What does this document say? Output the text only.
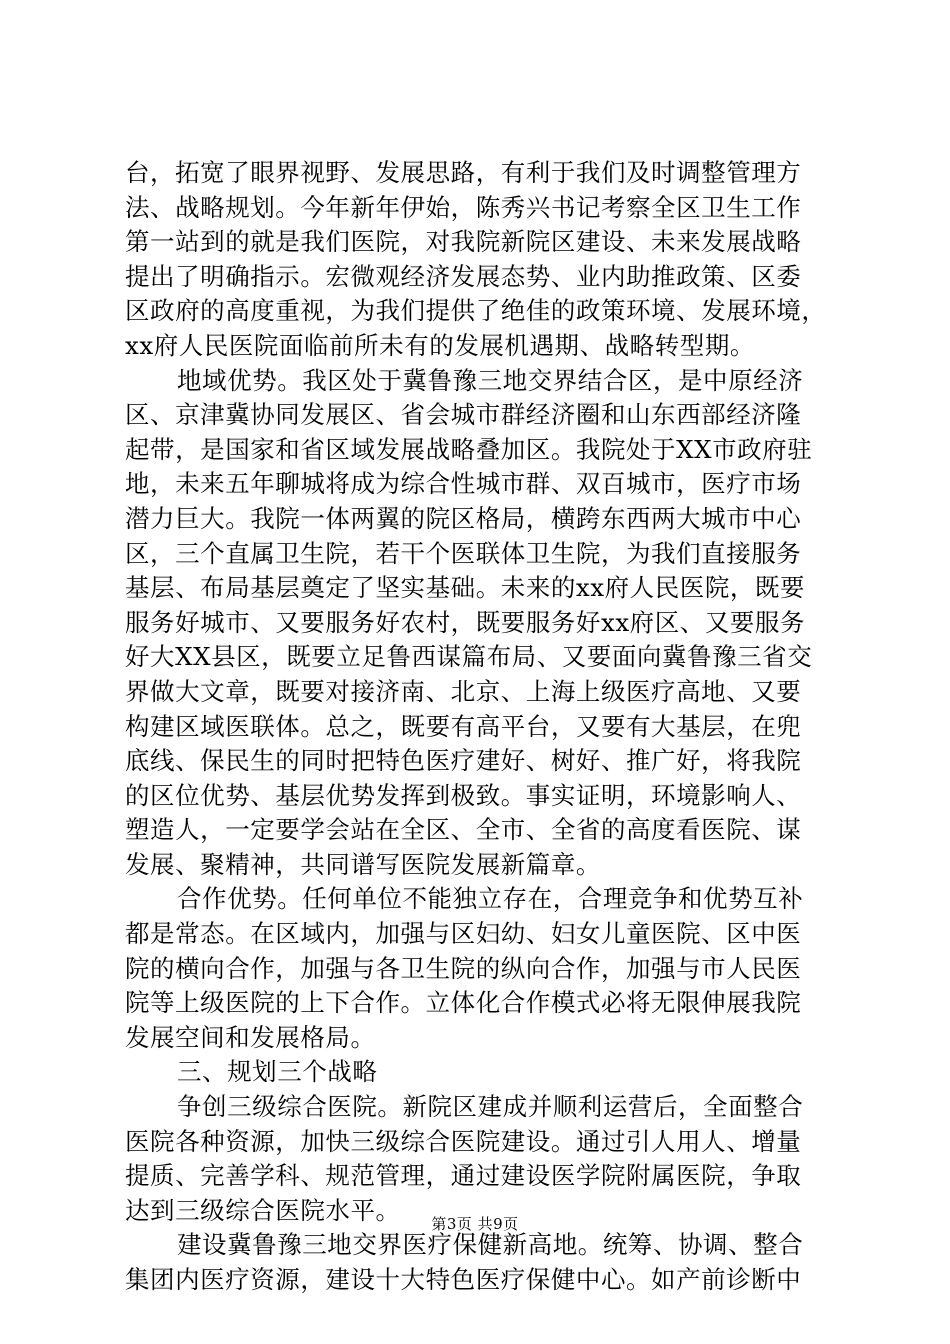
台，拓宽了眼界视野、发展思路，有利于我们及时调整管理方
法、战略规划。今年新年伊始，陈秀兴书记考察全区卫生工作
第一站到的就是我们医院，对我院新院区建设、未来发展战略
提出了明确指示。宏微观经济发展态势、业内助推政策、区委
区政府的高度重视，为我们提供了绝佳的政策环境、发展环境，
xx府人民医院面临前所未有的发展机遇期、战略转型期。
地域优势。我区处于冀鲁豫三地交界结合区，是中原经济
区、京津冀协同发展区、省会城市群经济圈和山东西部经济隆
起带，是国家和省区域发展战略叠加区。我院处于XX市政府驻
地，未来五年聊城将成为综合性城市群、双百城市，医疗市场
潜力巨大。我院一体两翼的院区格局，横跨东西两大城市中心
区，三个直属卫生院，若干个医联体卫生院，为我们直接服务
基层、布局基层奠定了坚实基础。未来的xx府人民医院，既要
服务好城市、又要服务好农村，既要服务好xx府区、又要服务
好大XX县区，既要立足鲁西谋篇布局、又要面向冀鲁豫三省交
界做大文章，既要对接济南、北京、上海上级医疗高地、又要
构建区域医联体。总之，既要有高平台，又要有大基层，在兜
底线、保民生的同时把特色医疗建好、树好、推广好，将我院
的区位优势、基层优势发挥到极致。事实证明，环境影响人、
塑造人，一定要学会站在全区、全市、全省的高度看医院、谋
发展、聚精神，共同谱写医院发展新篇章。
合作优势。任何单位不能独立存在，合理竞争和优势互补
都是常态。在区域内，加强与区妇幼、妇女儿童医院、区中医
院的横向合作，加强与各卫生院的纵向合作，加强与市人民医
院等上级医院的上下合作。立体化合作模式必将无限伸展我院
发展空间和发展格局。
三、规划三个战略
争创三级综合医院。新院区建成并顺利运营后，全面整合
医院各种资源，加快三级综合医院建设。通过引人用人、增量
提质、完善学科、规范管理，通过建设医学院附属医院，争取
达到三级综合医院水平。
建设冀鲁豫三地交界医疗保健新高地。统筹、协调、整合
集团内医疗资源，建设十大特色医疗保健中心。如产前诊断中
第3页 共9页
